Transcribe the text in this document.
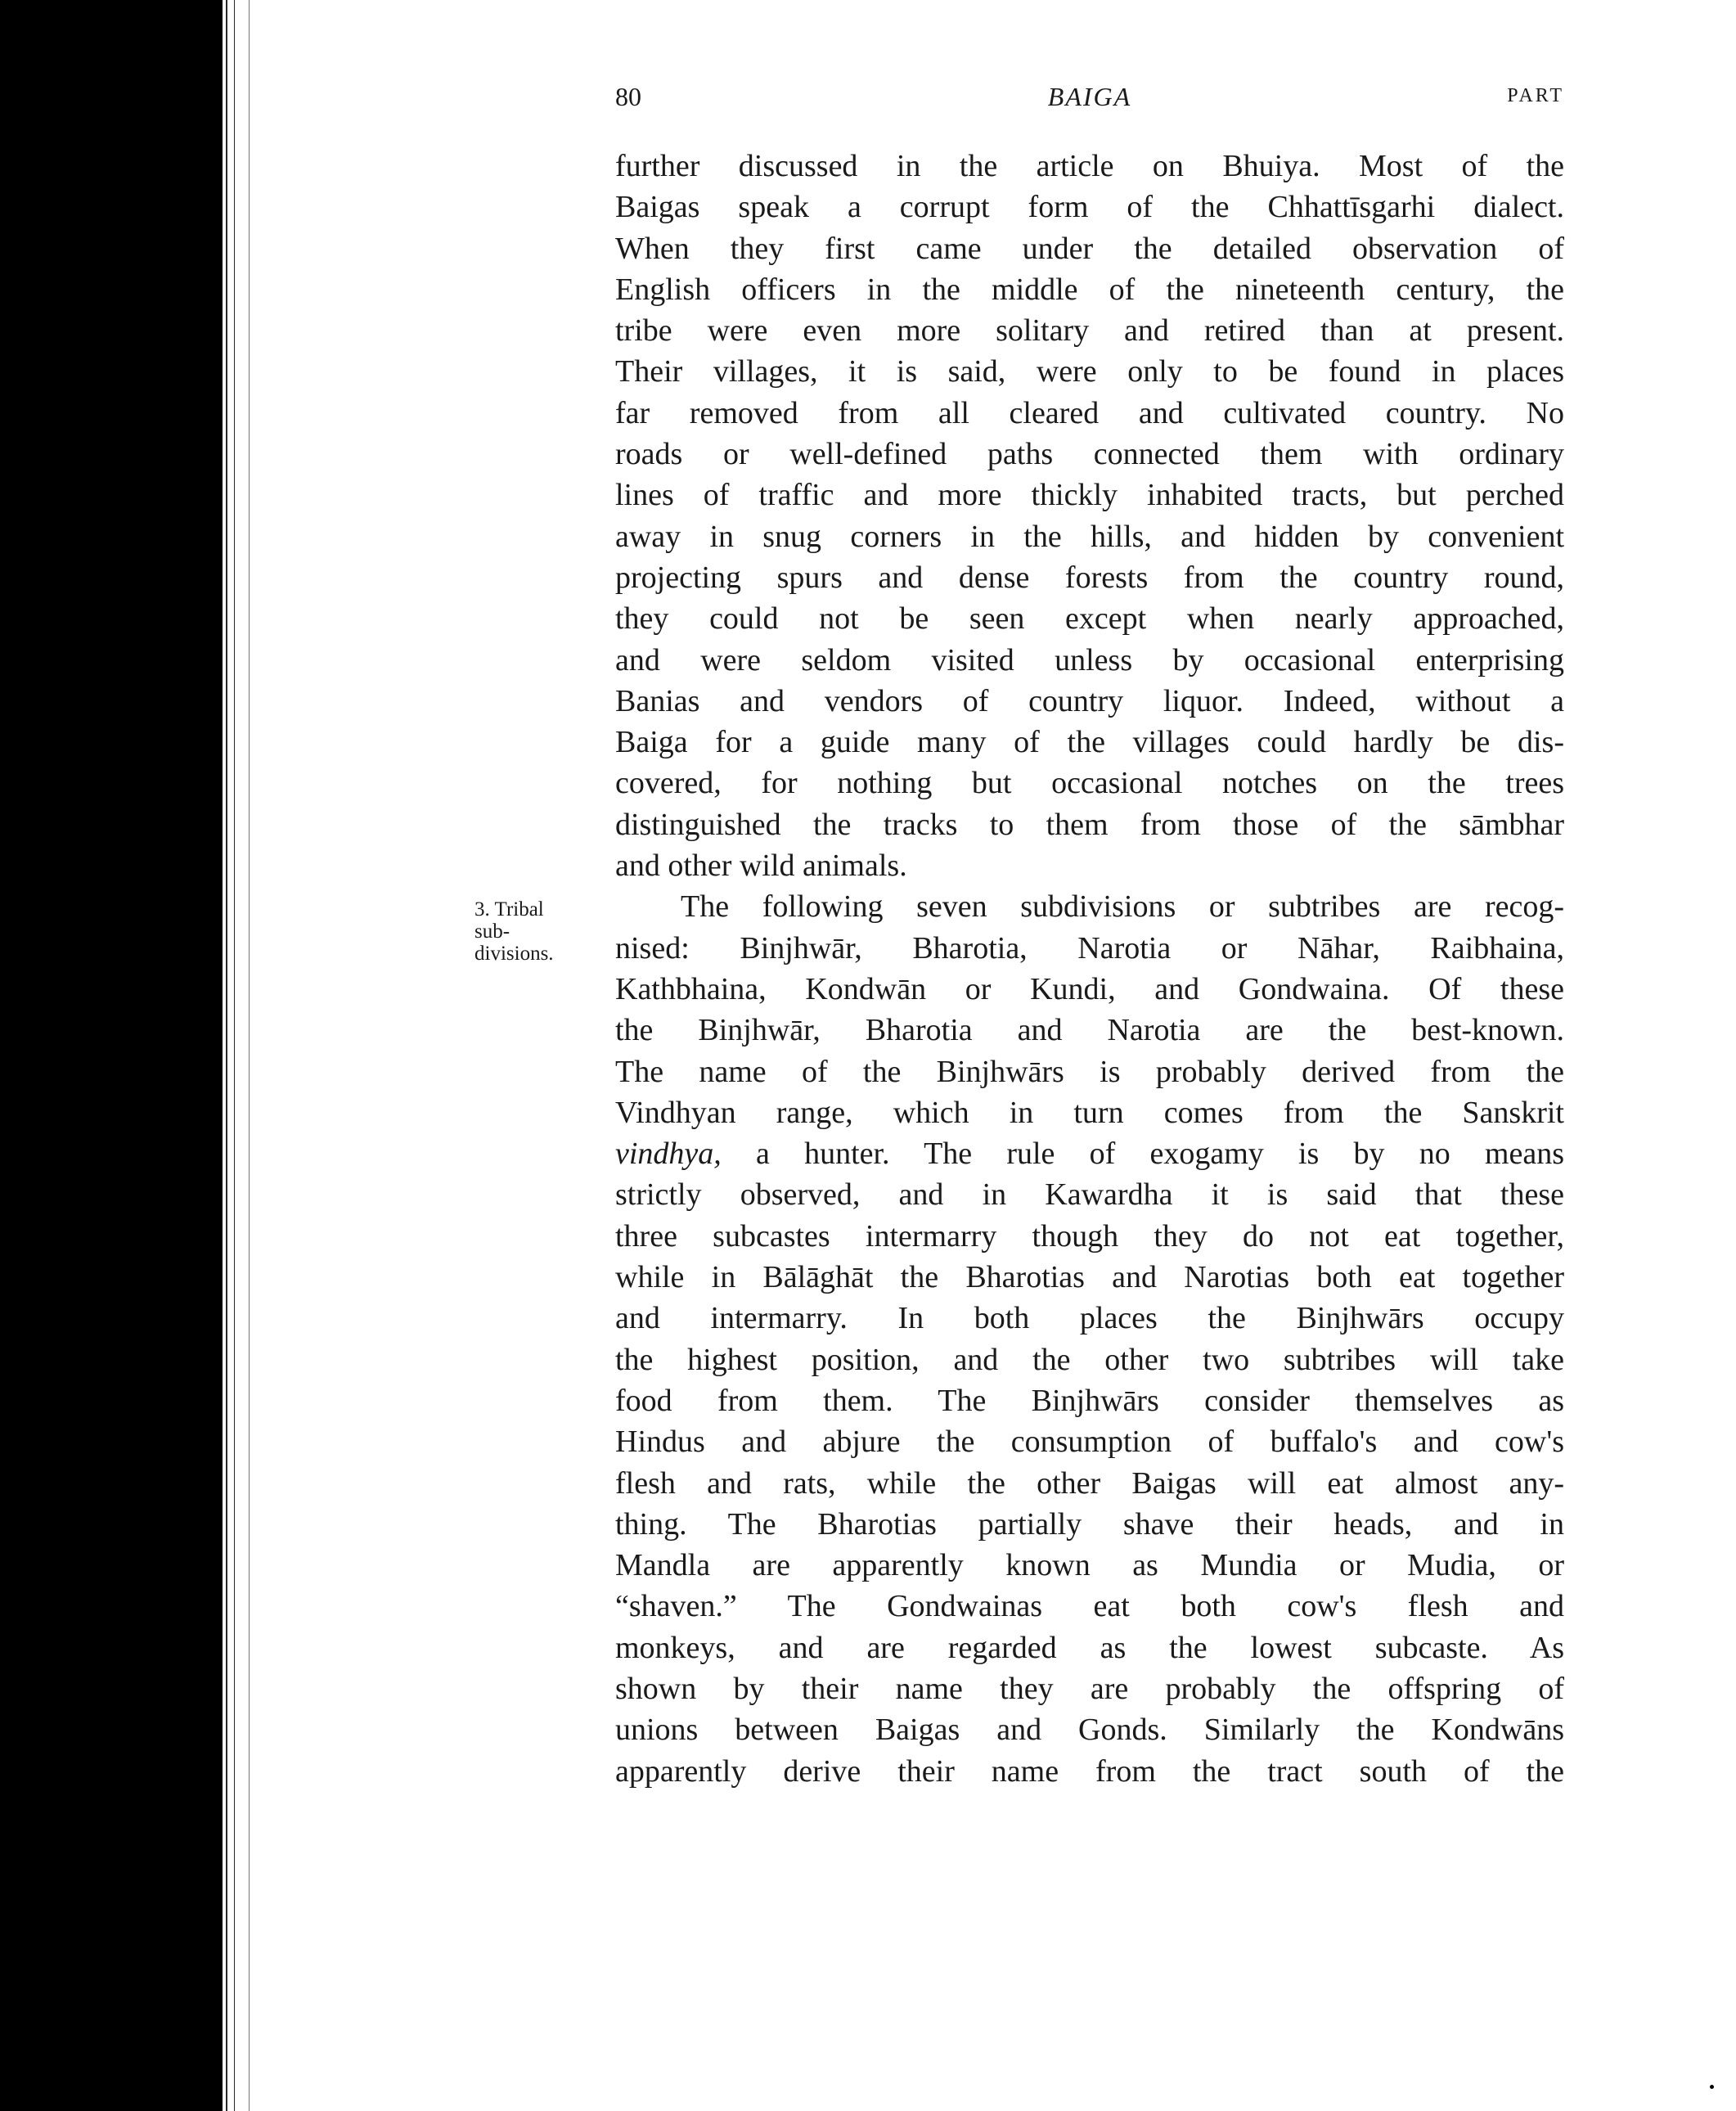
80	BAIGA	PART
3. Tribal
sub-
divisions.
further discussed in the article on Bhuiya. Most of the
Baigas speak a corrupt form of the Chhattīsgarhi dialect.
When they first came under the detailed observation of
English officers in the middle of the nineteenth century, the
tribe were even more solitary and retired than at present.
Their villages, it is said, were only to be found in places
far removed from all cleared and cultivated country. No
roads or well-defined paths connected them with ordinary
lines of traffic and more thickly inhabited tracts, but perched
away in snug corners in the hills, and hidden by convenient
projecting spurs and dense forests from the country round,
they could not be seen except when nearly approached,
and were seldom visited unless by occasional enterprising
Banias and vendors of country liquor. Indeed, without a
Baiga for a guide many of the villages could hardly be dis-
covered, for nothing but occasional notches on the trees
distinguished the tracks to them from those of the sāmbhar
and other wild animals.
The following seven subdivisions or subtribes are recog-
nised: Binjhwār, Bharotia, Narotia or Nāhar, Raibhaina,
Kathbhaina, Kondwān or Kundi, and Gondwaina. Of these
the Binjhwār, Bharotia and Narotia are the best-known.
The name of the Binjhwārs is probably derived from the
Vindhyan range, which in turn comes from the Sanskrit
vindhya, a hunter. The rule of exogamy is by no means
strictly observed, and in Kawardha it is said that these
three subcastes intermarry though they do not eat together,
while in Bālāghāt the Bharotias and Narotias both eat together
and intermarry. In both places the Binjhwārs occupy
the highest position, and the other two subtribes will take
food from them. The Binjhwārs consider themselves as
Hindus and abjure the consumption of buffalo's and cow's
flesh and rats, while the other Baigas will eat almost any-
thing. The Bharotias partially shave their heads, and in
Mandla are apparently known as Mundia or Mudia, or
“shaven.” The Gondwainas eat both cow's flesh and
monkeys, and are regarded as the lowest subcaste. As
shown by their name they are probably the offspring of
unions between Baigas and Gonds. Similarly the Kondwāns
apparently derive their name from the tract south of the
